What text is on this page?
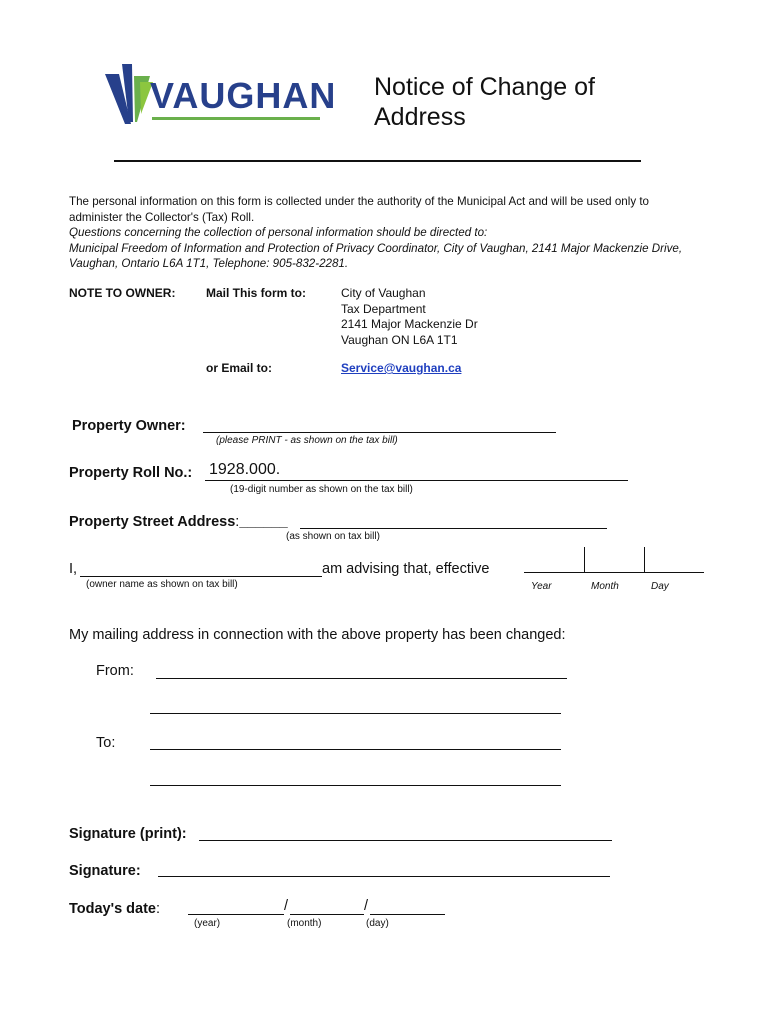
VAUGHAN Notice of Change of
Address

The personal information on this form is collected under the authority of the Municipal Act and will be used only to administer the Collector's (Tax) Roll.

Questions concerning the collection of personal information should be directed to:

Municipal Freedom of Information and Protection of Privacy Coordinator, City of Vaughan, 2141 Major Mackenzie Drive, Vaughan, Ontario L6A 1T1, Telephone: 905-832-2281.

NOTE TO OWNER:	Mail This form to:	City of Vaughan
Tax Department
2141 Major Mackenzie Dr
Vaughan ON L6A 1T1
or Email to:	Service@vaughan.ca
Property Owner:
(please PRINT - as shown on the tax bill)
Property Roll No.: 1928.000.
(19-digit number as shown on the tax bill)
Property Street Address:______
(as shown on tax bill)
I,	am advising that, effective
(owner name as shown on tax bill)	Year	Month	Day
My mailing address in connection with the above property has been changed:
From:
To:
Signature (print):
Signature:
Today's date:	/	/
(year)	(month)	(day)
